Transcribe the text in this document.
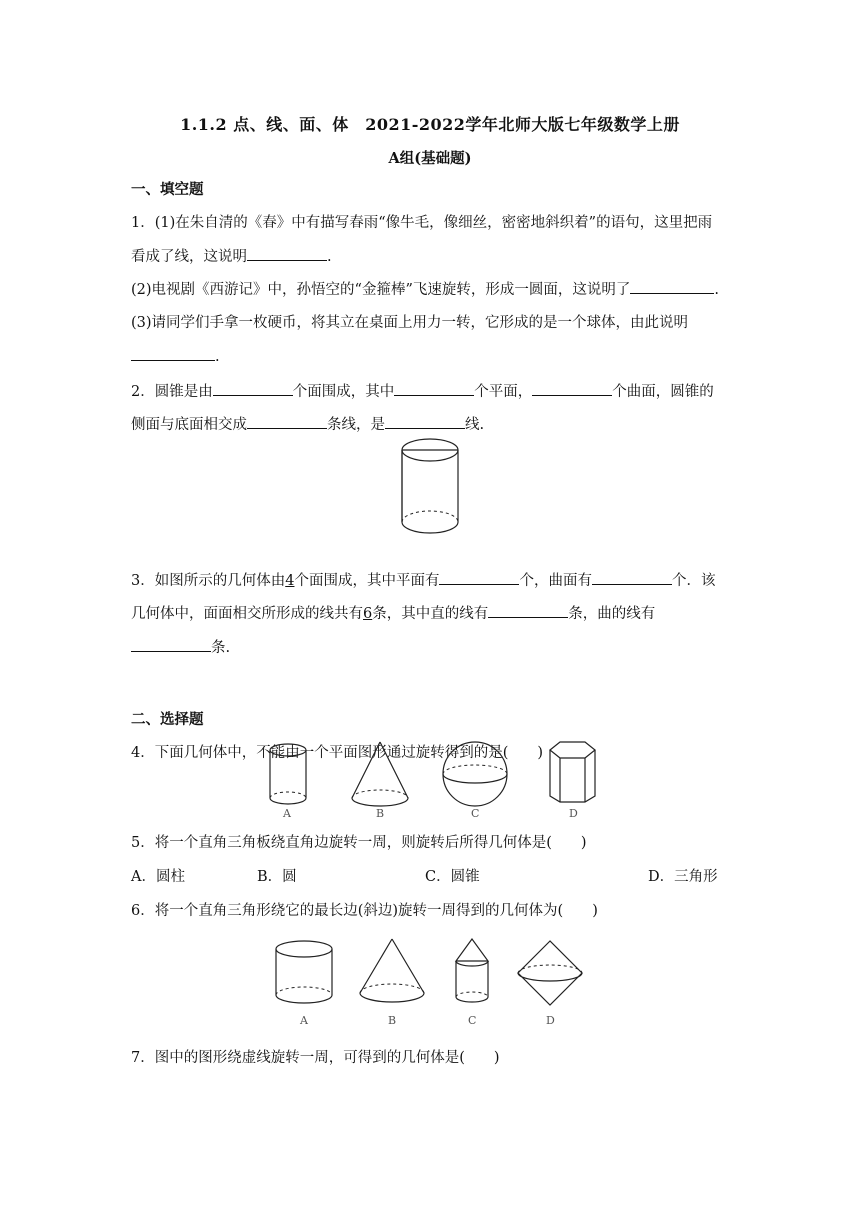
1.1.2 点、线、面、体　2021-2022学年北师大版七年级数学上册
A组(基础题)
一、填空题
1．(1)在朱自清的《春》中有描写春雨“像牛毛，像细丝，密密地斜织着”的语句，这里把雨
看成了线，这说明	.
(2)电视剧《西游记》中，孙悟空的“金箍棒”飞速旋转，形成一圆面，这说明了	.
(3)请同学们手拿一枚硬币，将其立在桌面上用力一转，它形成的是一个球体，由此说明
.
2．圆锥是由	个面围成，其中	个平面，	个曲面，圆锥的
侧面与底面相交成	条线，是	线.
3．如图所示的几何体由4个面围成，其中平面有	个，曲面有	个．该
几何体中，面面相交所形成的线共有6条，其中直的线有	条，曲的线有
条.
二、选择题
4．下面几何体中，不能由一个平面图形通过旋转得到的是(　　)
A	B	C	D
5．将一个直角三角板绕直角边旋转一周，则旋转后所得几何体是(　　)
A．圆柱	B．圆	C．圆锥	D．三角形
6．将一个直角三角形绕它的最长边(斜边)旋转一周得到的几何体为(　　)
A	B	C	D
7．图中的图形绕虚线旋转一周，可得到的几何体是(　　)
